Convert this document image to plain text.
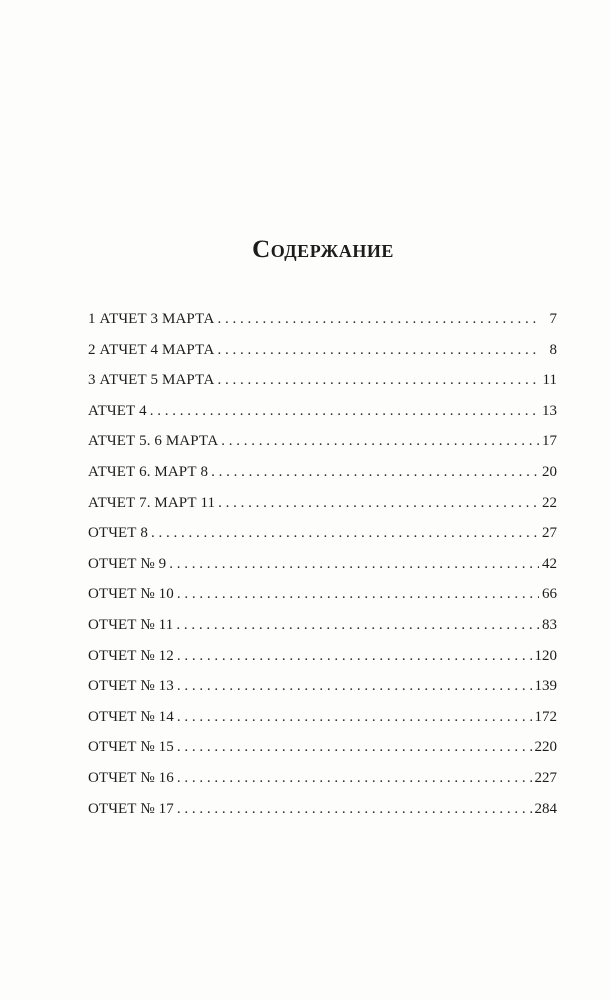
Содержание
1 АТЧЕТ 3 МАРТА . . .	7
2 АТЧЕТ 4 МАРТА . . .	8
3 АТЧЕТ 5 МАРТА . . .	11
АТЧЕТ 4 . . .	13
АТЧЕТ 5. 6 МАРТА . . .	17
АТЧЕТ 6. МАРТ 8 . . .	20
АТЧЕТ 7. МАРТ 11 . . .	22
ОТЧЕТ 8 . . .	27
ОТЧЕТ № 9 . . .	42
ОТЧЕТ № 10 . . .	66
ОТЧЕТ № 11 . . .	83
ОТЧЕТ № 12 . . .	120
ОТЧЕТ № 13 . . .	139
ОТЧЕТ № 14 . . .	172
ОТЧЕТ № 15 . . .	220
ОТЧЕТ № 16 . . .	227
ОТЧЕТ № 17 . . .	284
